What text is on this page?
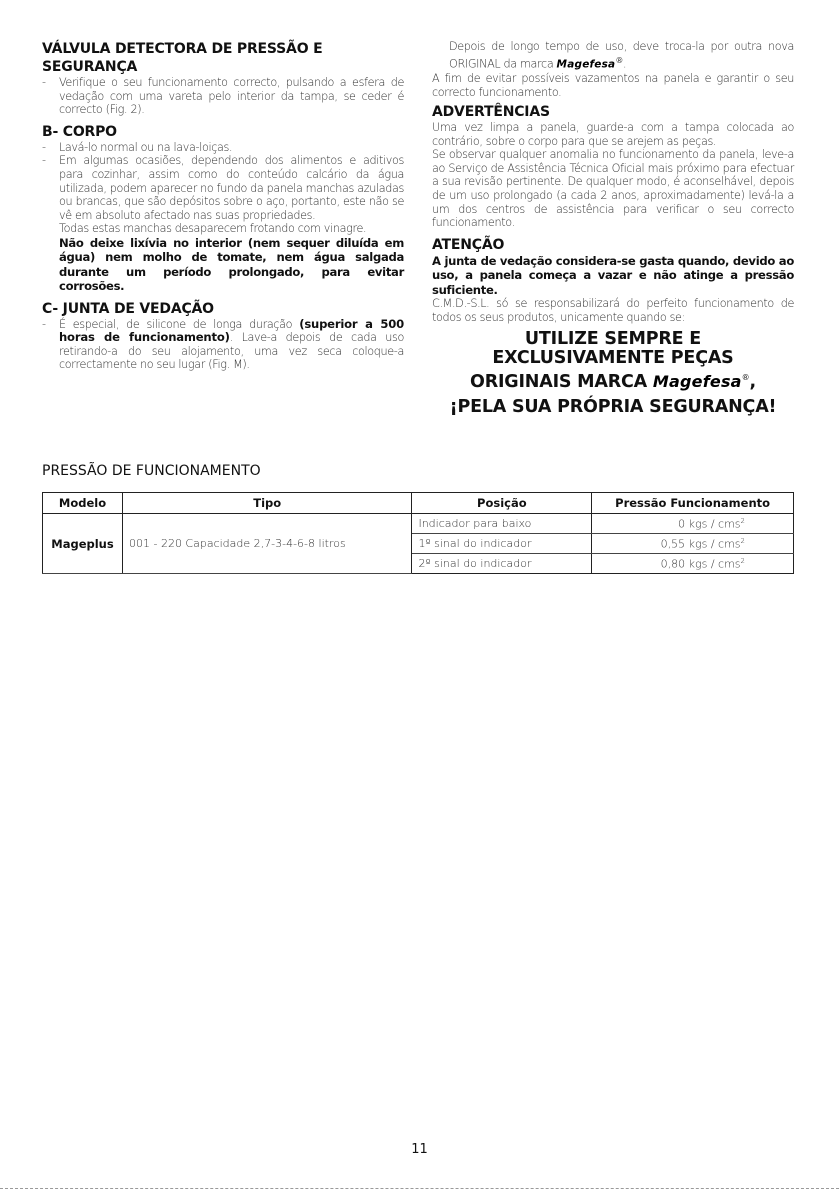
VÁLVULA DETECTORA DE PRESSÃO E SEGURANÇA

-	Verifique o seu funcionamento correcto, pulsando a esfera de vedação com uma vareta pelo interior da tampa, se ceder é correcto (Fig. 2).

B- CORPO

-	Lavá-lo normal ou na lava-loiças.
-	Em algumas ocasiões, dependendo dos alimentos e aditivos para cozinhar, assim como do conteúdo calcário da água utilizada, podem aparecer no fundo da panela manchas azuladas ou brancas, que são depósitos sobre o aço, portanto, este não se vê em absoluto afectado nas suas propriedades.
Todas estas manchas desaparecem frotando com vinagre.
Não deixe lixívia no interior (nem sequer diluída em água) nem molho de tomate, nem água salgada durante um período prolongado, para evitar corrosões.

C- JUNTA DE VEDAÇÃO

-	É especial, de silicone de longa duração (superior a 500 horas de funcionamento). Lave-a depois de cada uso retirando-a do seu alojamento, uma vez seca coloque-a correctamente no seu lugar (Fig. M).

Depois de longo tempo de uso, deve troca-la por outra nova ORIGINAL da marca Magefesa®.

A fim de evitar possíveis vazamentos na panela e garantir o seu correcto funcionamento.

ADVERTÊNCIAS

Uma vez limpa a panela, guarde-a com a tampa colocada ao contrário, sobre o corpo para que se arejem as peças.

Se observar qualquer anomalia no funcionamento da panela, leve-a ao Serviço de Assistência Técnica Oficial mais próximo para efectuar a sua revisão pertinente. De qualquer modo, é aconselhável, depois de um uso prolongado (a cada 2 anos, aproximadamente) levá-la a um dos centros de assistência para verificar o seu correcto funcionamento.

ATENÇÃO

A junta de vedação considera-se gasta quando, devido ao uso, a panela começa a vazar e não atinge a pressão suficiente.

C.M.D.-S.L. só se responsabilizará do perfeito funcionamento de todos os seus produtos, unicamente quando se:

UTILIZE SEMPRE E

EXCLUSIVAMENTE PEÇAS

ORIGINAIS MARCA Magefesa®,

¡PELA SUA PRÓPRIA SEGURANÇA!

PRESSÃO DE FUNCIONAMENTO
Modelo	Tipo	Posição	Pressão Funcionamento
Mageplus	001 - 220 Capacidade 2,7-3-4-6-8 litros	Indicador para baixo	0 kgs / cms$^2$
		1º sinal do indicador	0,55 kgs / cms$^2$
		2º sinal do indicador	0,80 kgs / cms$^2$
11
